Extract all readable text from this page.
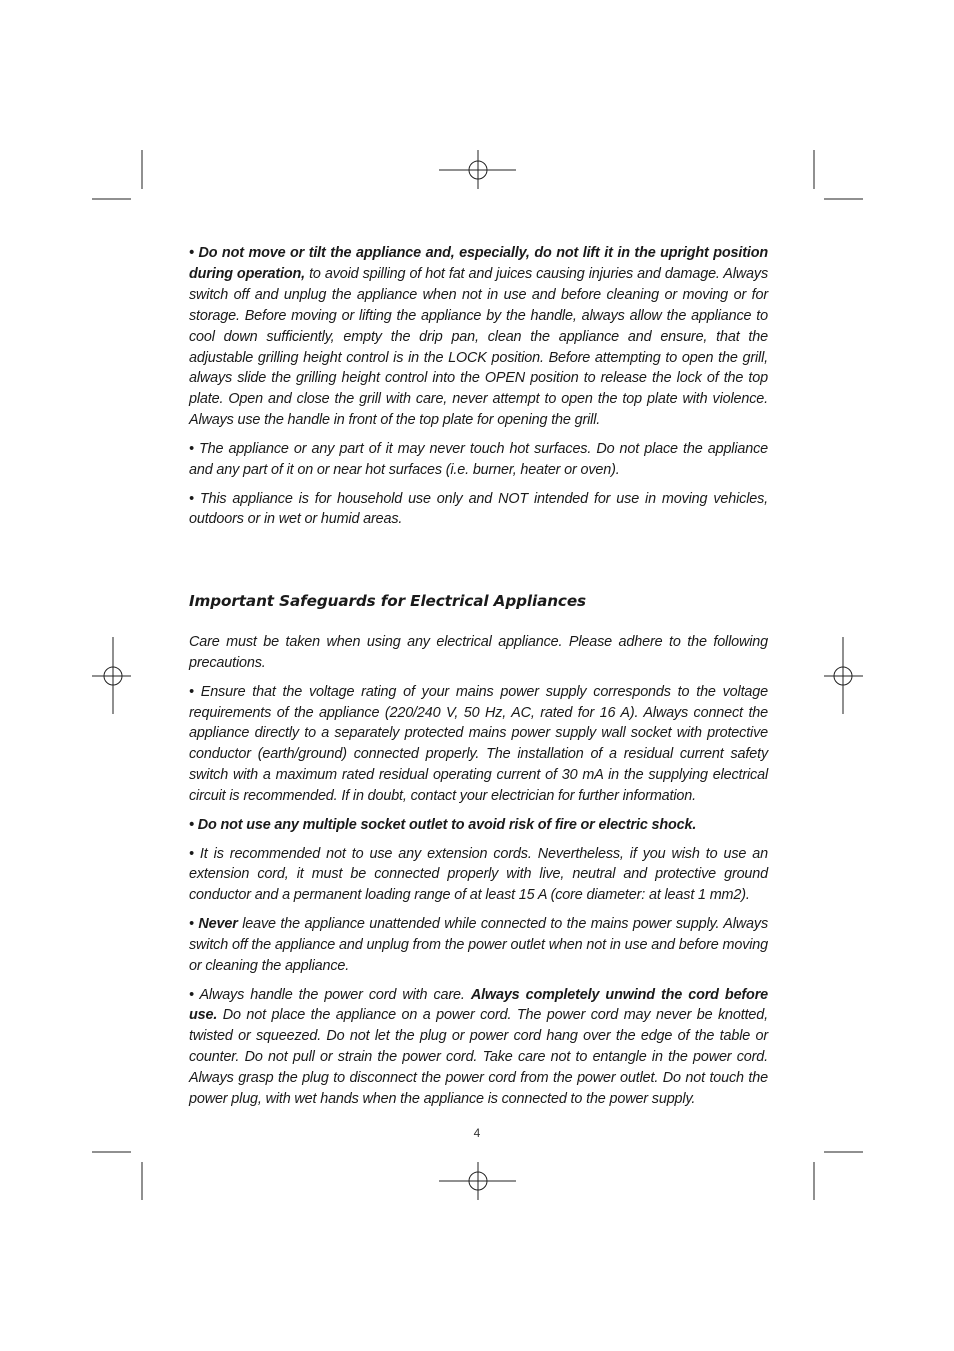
• Do not move or tilt the appliance and, especially, do not lift it in the upright position during operation, to avoid spilling of hot fat and juices causing injuries and damage. Always switch off and unplug the appliance when not in use and before cleaning or moving or for storage. Before moving or lifting the appliance by the handle, always allow the appliance to cool down sufficiently, empty the drip pan, clean the appliance and ensure, that the adjustable grilling height control is in the LOCK position. Before attempting to open the grill, always slide the grilling height control into the OPEN position to release the lock of the top plate. Open and close the grill with care, never attempt to open the top plate with violence. Always use the handle in front of the top plate for opening the grill.

• The appliance or any part of it may never touch hot surfaces. Do not place the appliance and any part of it on or near hot surfaces (i.e. burner, heater or oven).

• This appliance is for household use only and NOT intended for use in moving vehicles, outdoors or in wet or humid areas.

Important Safeguards for Electrical Appliances

Care must be taken when using any electrical appliance. Please adhere to the following precautions.

• Ensure that the voltage rating of your mains power supply corresponds to the voltage requirements of the appliance (220/240 V, 50 Hz, AC, rated for 16 A). Always connect the appliance directly to a separately protected mains power supply wall socket with protective conductor (earth/ground) connected properly. The installation of a residual current safety switch with a maximum rated residual operating current of 30 mA in the supplying electrical circuit is recommended. If in doubt, contact your electrician for further information.

• Do not use any multiple socket outlet to avoid risk of fire or electric shock.

• It is recommended not to use any extension cords. Nevertheless, if you wish to use an extension cord, it must be connected properly with live, neutral and protective ground conductor and a permanent loading range of at least 15 A (core diameter: at least 1 mm2).

• Never leave the appliance unattended while connected to the mains power supply. Always switch off the appliance and unplug from the power outlet when not in use and before moving or cleaning the appliance.

• Always handle the power cord with care. Always completely unwind the cord before use. Do not place the appliance on a power cord. The power cord may never be knotted, twisted or squeezed. Do not let the plug or power cord hang over the edge of the table or counter. Do not pull or strain the power cord. Take care not to entangle in the power cord. Always grasp the plug to disconnect the power cord from the power outlet. Do not touch the power plug, with wet hands when the appliance is connected to the power supply.

4
